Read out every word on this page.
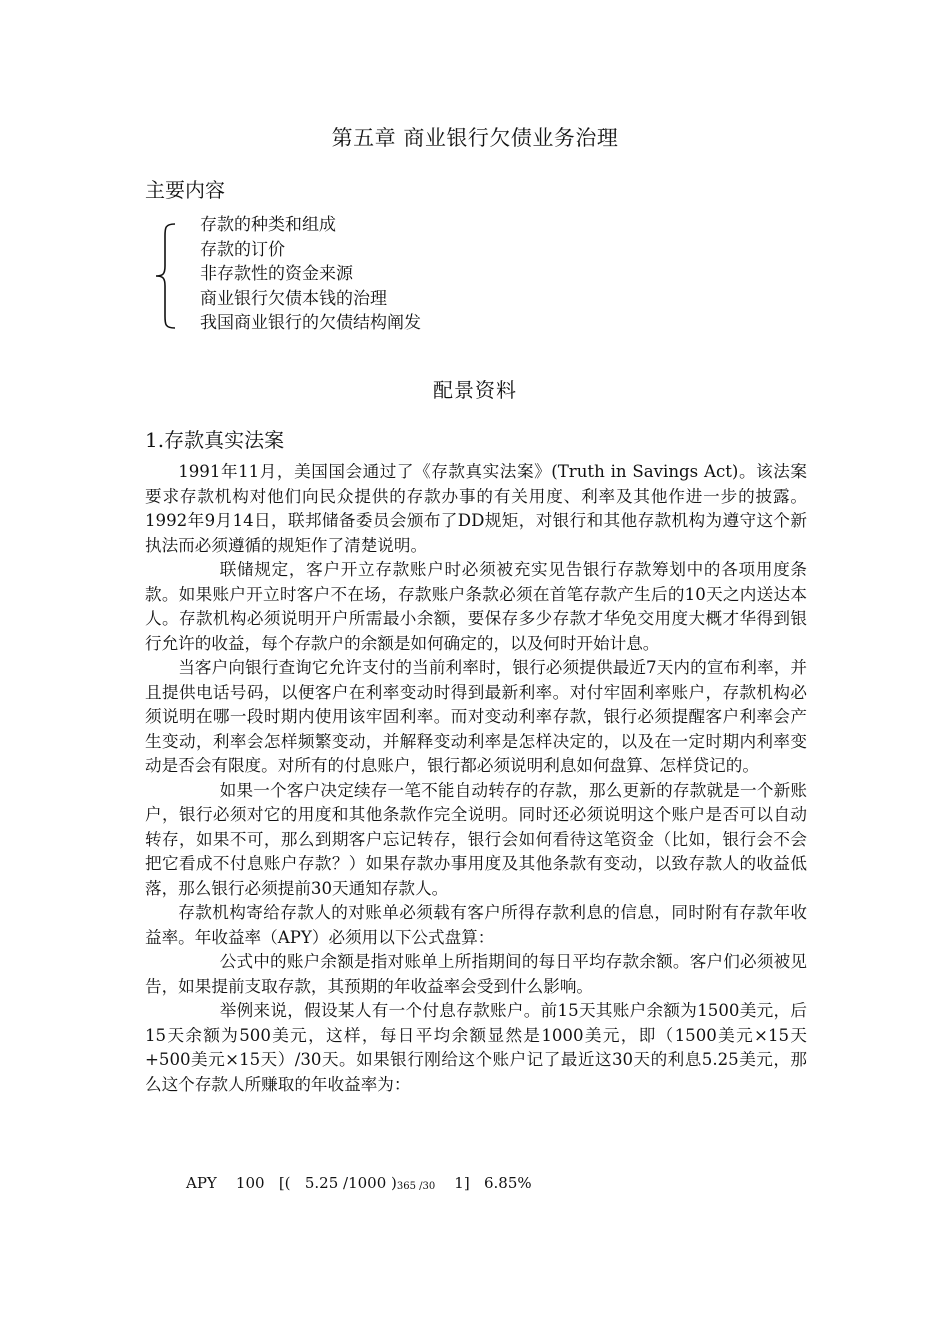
第五章 商业银行欠债业务治理
主要内容
存款的种类和组成
存款的订价
非存款性的资金来源
商业银行欠债本钱的治理
我国商业银行的欠债结构阐发
配景资料
1.存款真实法案

1991年11月，美国国会通过了《存款真实法案》(Truth in Savings Act)。该法案要求存款机构对他们向民众提供的存款办事的有关用度、利率及其他作进一步的披露。1992年9月14日，联邦储备委员会颁布了DD规矩，对银行和其他存款机构为遵守这个新执法而必须遵循的规矩作了清楚说明。

联储规定，客户开立存款账户时必须被充实见告银行存款筹划中的各项用度条款。如果账户开立时客户不在场，存款账户条款必须在首笔存款产生后的10天之内送达本人。存款机构必须说明开户所需最小余额，要保存多少存款才华免交用度大概才华得到银行允许的收益，每个存款户的余额是如何确定的，以及何时开始计息。

当客户向银行查询它允许支付的当前利率时，银行必须提供最近7天内的宣布利率，并且提供电话号码，以便客户在利率变动时得到最新利率。对付牢固利率账户，存款机构必须说明在哪一段时期内使用该牢固利率。而对变动利率存款，银行必须提醒客户利率会产生变动，利率会怎样频繁变动，并解释变动利率是怎样决定的，以及在一定时期内利率变动是否会有限度。对所有的付息账户，银行都必须说明利息如何盘算、怎样贷记的。

如果一个客户决定续存一笔不能自动转存的存款，那么更新的存款就是一个新账户，银行必须对它的用度和其他条款作完全说明。同时还必须说明这个账户是否可以自动转存，如果不可，那么到期客户忘记转存，银行会如何看待这笔资金（比如，银行会不会把它看成不付息账户存款？）如果存款办事用度及其他条款有变动，以致存款人的收益低落，那么银行必须提前30天通知存款人。

存款机构寄给存款人的对账单必须载有客户所得存款利息的信息，同时附有存款年收益率。年收益率（APY）必须用以下公式盘算：

公式中的账户余额是指对账单上所指期间的每日平均存款余额。客户们必须被见告，如果提前支取存款，其预期的年收益率会受到什么影响。

举例来说，假设某人有一个付息存款账户。前15天其账户余额为1500美元，后15天余额为500美元，这样，每日平均余额显然是1000美元，即（1500美元×15天+500美元×15天）/30天。如果银行刚给这个账户记了最近这30天的利息5.25美元，那么这个存款人所赚取的年收益率为：

APY    100   [(   5.25 /1000 )365 /30    1]   6.85%
